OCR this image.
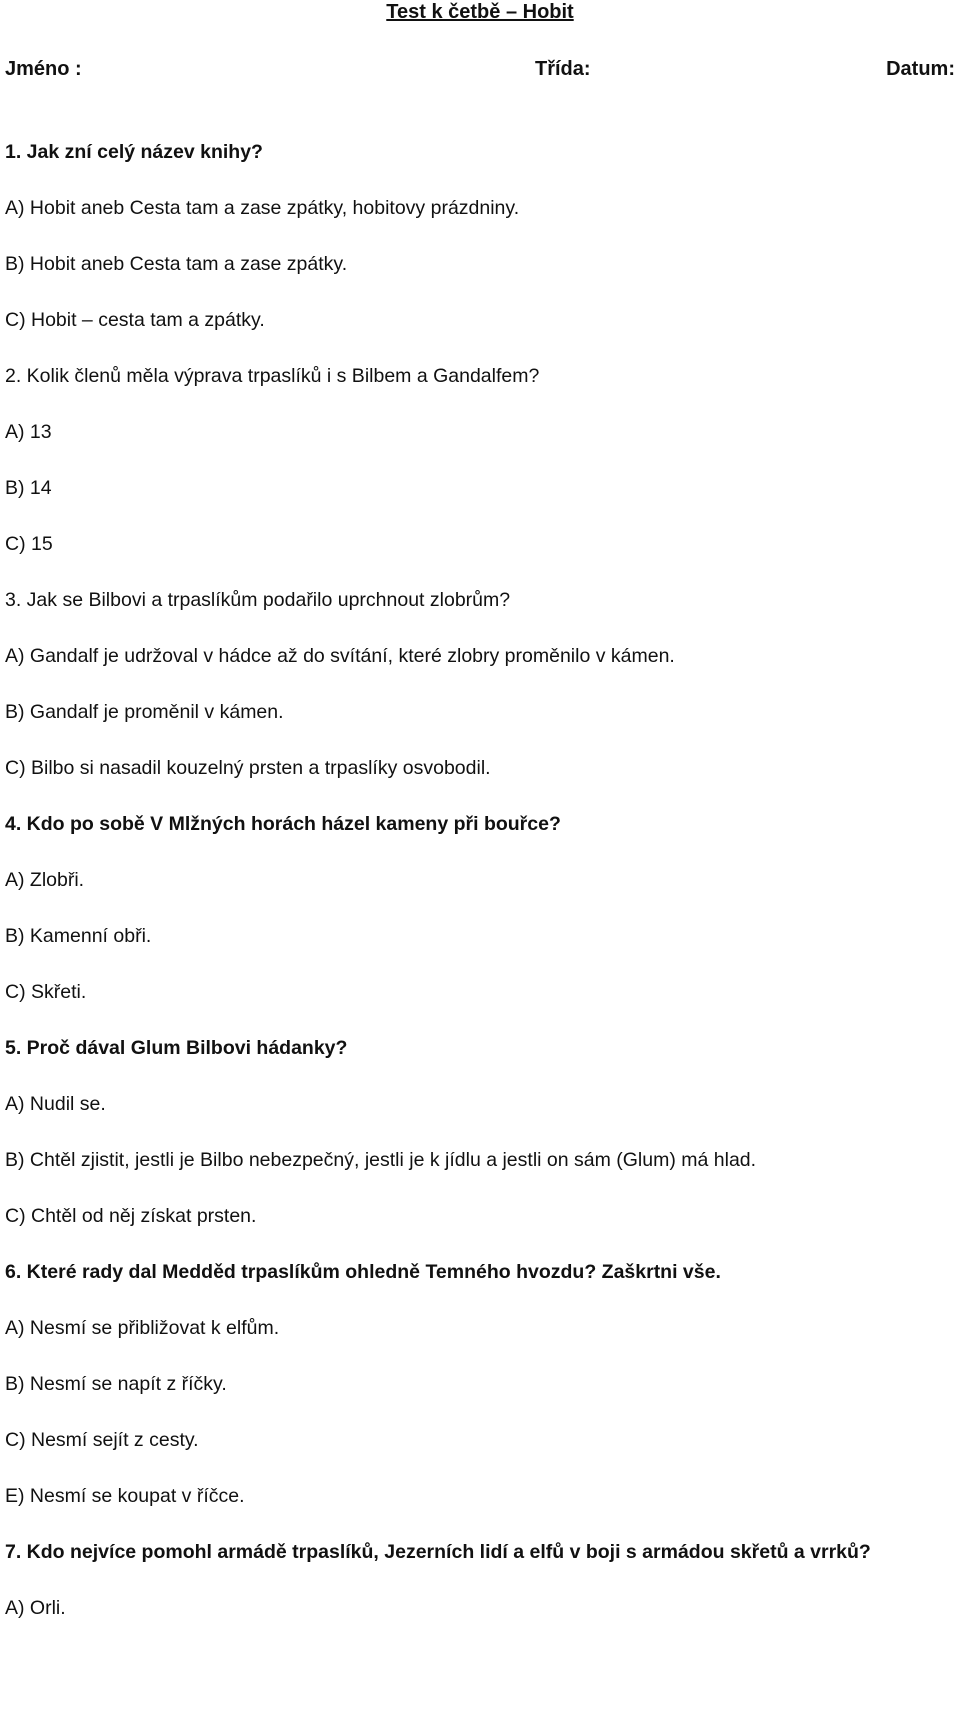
Test k četbě – Hobit
Jméno :	Třída:	Datum:
1. Jak zní celý název knihy?
A) Hobit aneb Cesta tam a zase zpátky, hobitovy prázdniny.
B) Hobit aneb Cesta tam a zase zpátky.
C) Hobit – cesta tam a zpátky.
2. Kolik členů měla výprava trpaslíků i s Bilbem a Gandalfem?
A) 13
B) 14
C) 15
3. Jak se Bilbovi a trpaslíkům podařilo uprchnout zlobrům?
A) Gandalf je udržoval v hádce až do svítání, které zlobry proměnilo v kámen.
B) Gandalf je proměnil v kámen.
C) Bilbo si nasadil kouzelný prsten a trpaslíky osvobodil.
4. Kdo po sobě V Mlžných horách házel kameny při bouřce?
A) Zlobři.
B) Kamenní obři.
C) Skřeti.
5. Proč dával Glum Bilbovi hádanky?
A) Nudil se.
B) Chtěl zjistit, jestli je Bilbo nebezpečný, jestli je k jídlu a jestli on sám (Glum) má hlad.
C) Chtěl od něj získat prsten.
6. Které rady dal Medděd trpaslíkům ohledně Temného hvozdu? Zaškrtni vše.
A) Nesmí se přibližovat k elfům.
B) Nesmí se napít z říčky.
C) Nesmí sejít z cesty.
E) Nesmí se koupat v říčce.
7. Kdo nejvíce pomohl armádě trpaslíků, Jezerních lidí a elfů v boji s armádou skřetů a vrrků?
A) Orli.
